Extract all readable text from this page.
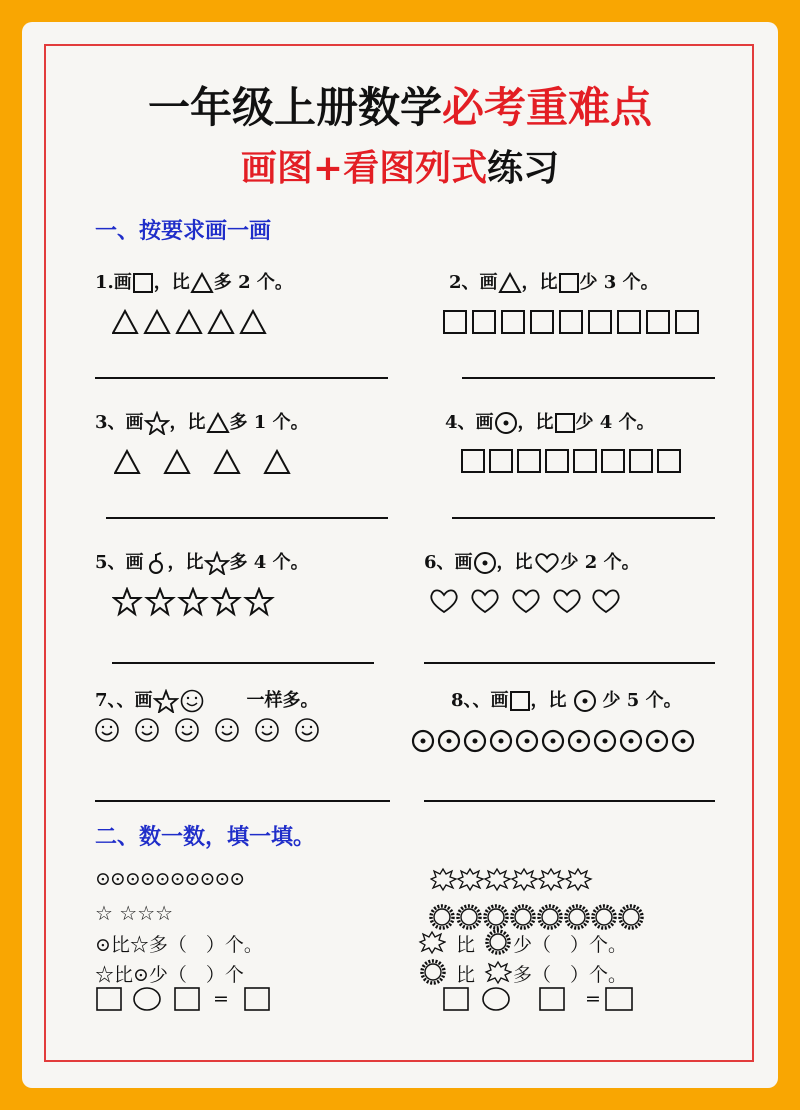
一年级上册数学必考重难点
画图+看图列式练习
一、按要求画一画
1.画 ，比 多 2 个。	2、画 ，比 少 3 个。
3、画 ，比 多 1 个。	4、画 ，比 少 4 个。
5、画 ，比 多 4 个。	6、画 ，比 少 2 个。
7、、画	一样多。	8、、画 ，比 少 5 个。
二、数一数，填一填。
⊙⊙⊙⊙⊙⊙⊙⊙⊙⊙
☆ ☆☆☆
⊙比☆多（　）个。
☆比⊙少（　）个
=
比 少（　）个。
比 多（　）个。
=
